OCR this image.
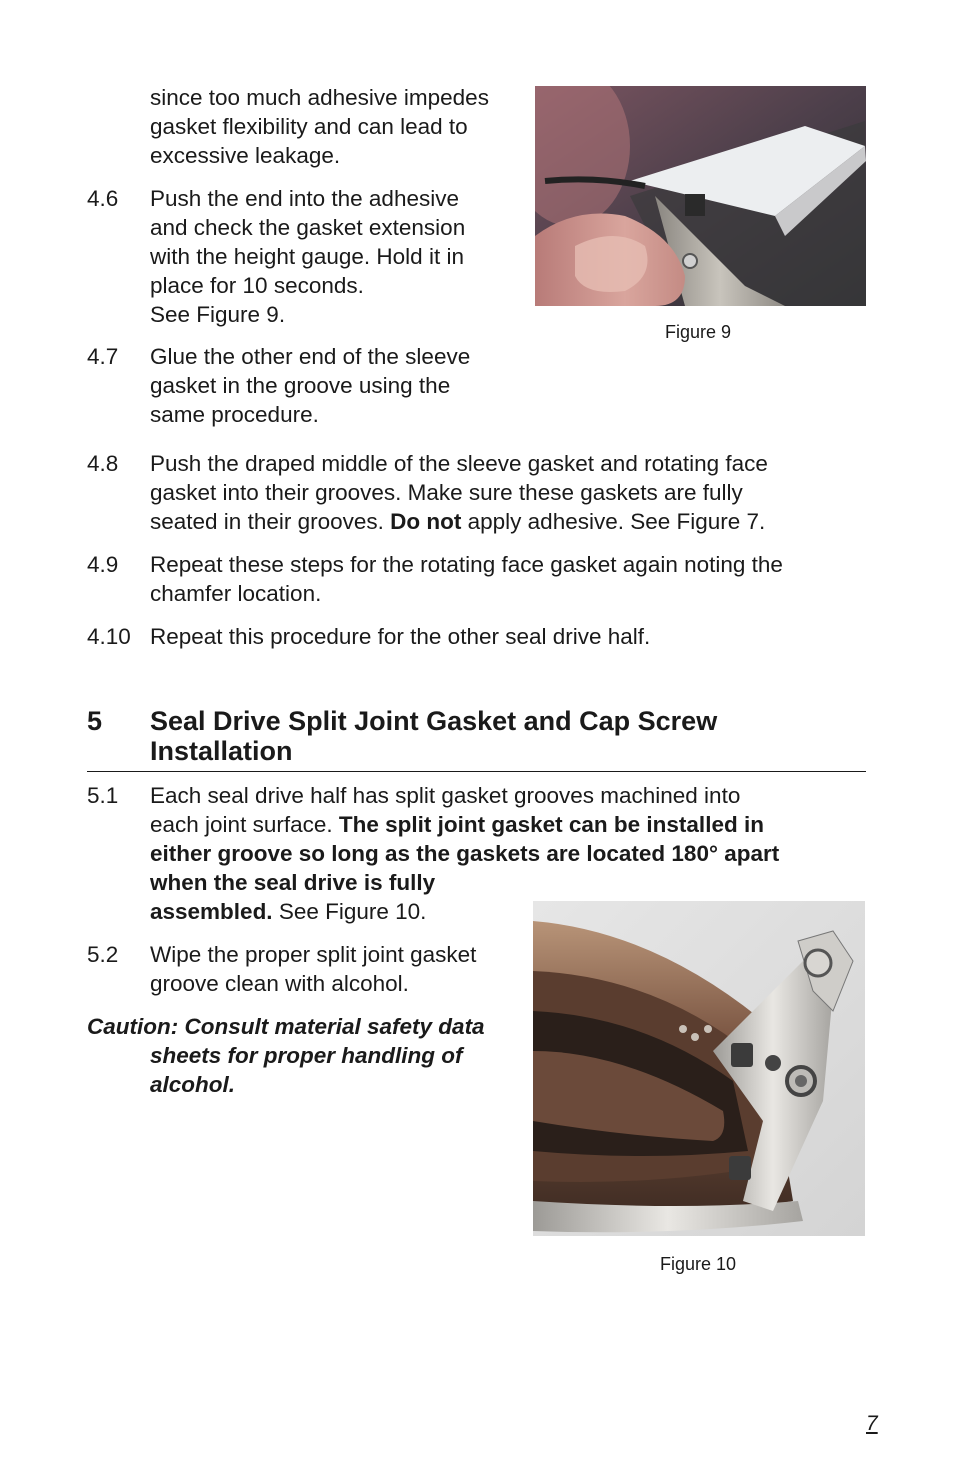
since too much adhesive impedes

gasket flexibility and can lead to

excessive leakage.

4.6 Push the end into the adhesive

and check the gasket extension

with the height gauge. Hold it in

place for 10 seconds.

See Figure 9.

4.7 Glue the other end of the sleeve

gasket in the groove using the

same procedure.

Figure 9
4.8 Push the draped middle of the sleeve gasket and rotating face

gasket into their grooves. Make sure these gaskets are fully

seated in their grooves. Do not apply adhesive. See Figure 7.

4.9 Repeat these steps for the rotating face gasket again noting the

chamfer location.

4.10 Repeat this procedure for the other seal drive half.

5 Seal Drive Split Joint Gasket and Cap Screw
Installation
5.1 Each seal drive half has split gasket grooves machined into

each joint surface. The split joint gasket can be installed in

either groove so long as the gaskets are located 180° apart

when the seal drive is fully

assembled. See Figure 10.

5.2 Wipe the proper split joint gasket

groove clean with alcohol.

Caution: Consult material safety data

sheets for proper handling of

alcohol.

Figure 10
7
